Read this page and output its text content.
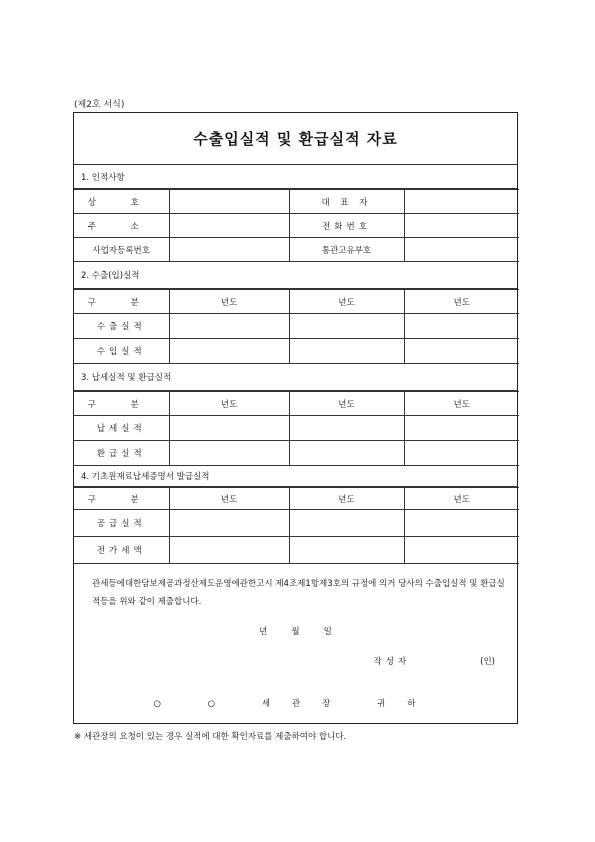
(제2호 서식)
수출입실적 및 환급실적 자료
1. 인적사항
상 호		대 표 자	
주 소		전화번호	
사업자등록번호		통관고유부호	
2. 수출(입)실적
구 분	년도	년도	년도
수출실적			
수입실적			
3. 납세실적 및 환급실적
구 분	년도	년도	년도
납세실적			
환급실적			
4. 기초원재료납세증명서 발급실적
구 분	년도	년도	년도
공급실적			
전가세액			
관세등에대한담보제공과정산제도운영에관한고시 제4조제1항제3호의 규정에 의거 당사의 수출입실적 및 환급실적등을 위와 같이 제출합니다.
년	월	일
작성자	(인)
○ ○ 세관장 귀하
※ 세관장의 요청이 있는 경우 실적에 대한 확인자료를 제출하여야 합니다.
